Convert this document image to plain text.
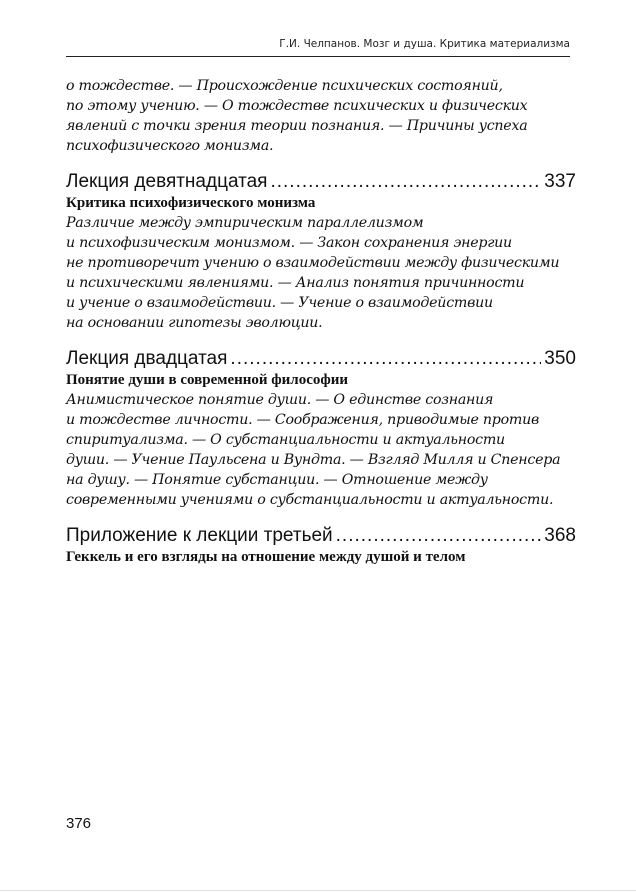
Г.И. Челпанов. Мозг и душа. Критика материализма
о тождестве. — Происхождение психических состояний,
по этому учению. — О тождестве психических и физических
явлений с точки зрения теории познания. — Причины успеха
психофизического монизма.
Лекция девятнадцатая .....	337
Критика психофизического монизма
Различие между эмпирическим параллелизмом
и психофизическим монизмом. — Закон сохранения энергии
не противоречит учению о взаимодействии между физическими
и психическими явлениями. — Анализ понятия причинности
и учение о взаимодействии. — Учение о взаимодействии
на основании гипотезы эволюции.
Лекция двадцатая .....	350
Понятие души в современной философии
Анимистическое понятие души. — О единстве сознания
и тождестве личности. — Соображения, приводимые против
спиритуализма. — О субстанциальности и актуальности
души. — Учение Паульсена и Вундта. — Взгляд Милля и Спенсера
на душу. — Понятие субстанции. — Отношение между
современными учениями о субстанциальности и актуальности.
Приложение к лекции третьей .....	368
Геккель и его взгляды на отношение между душой и телом
376
